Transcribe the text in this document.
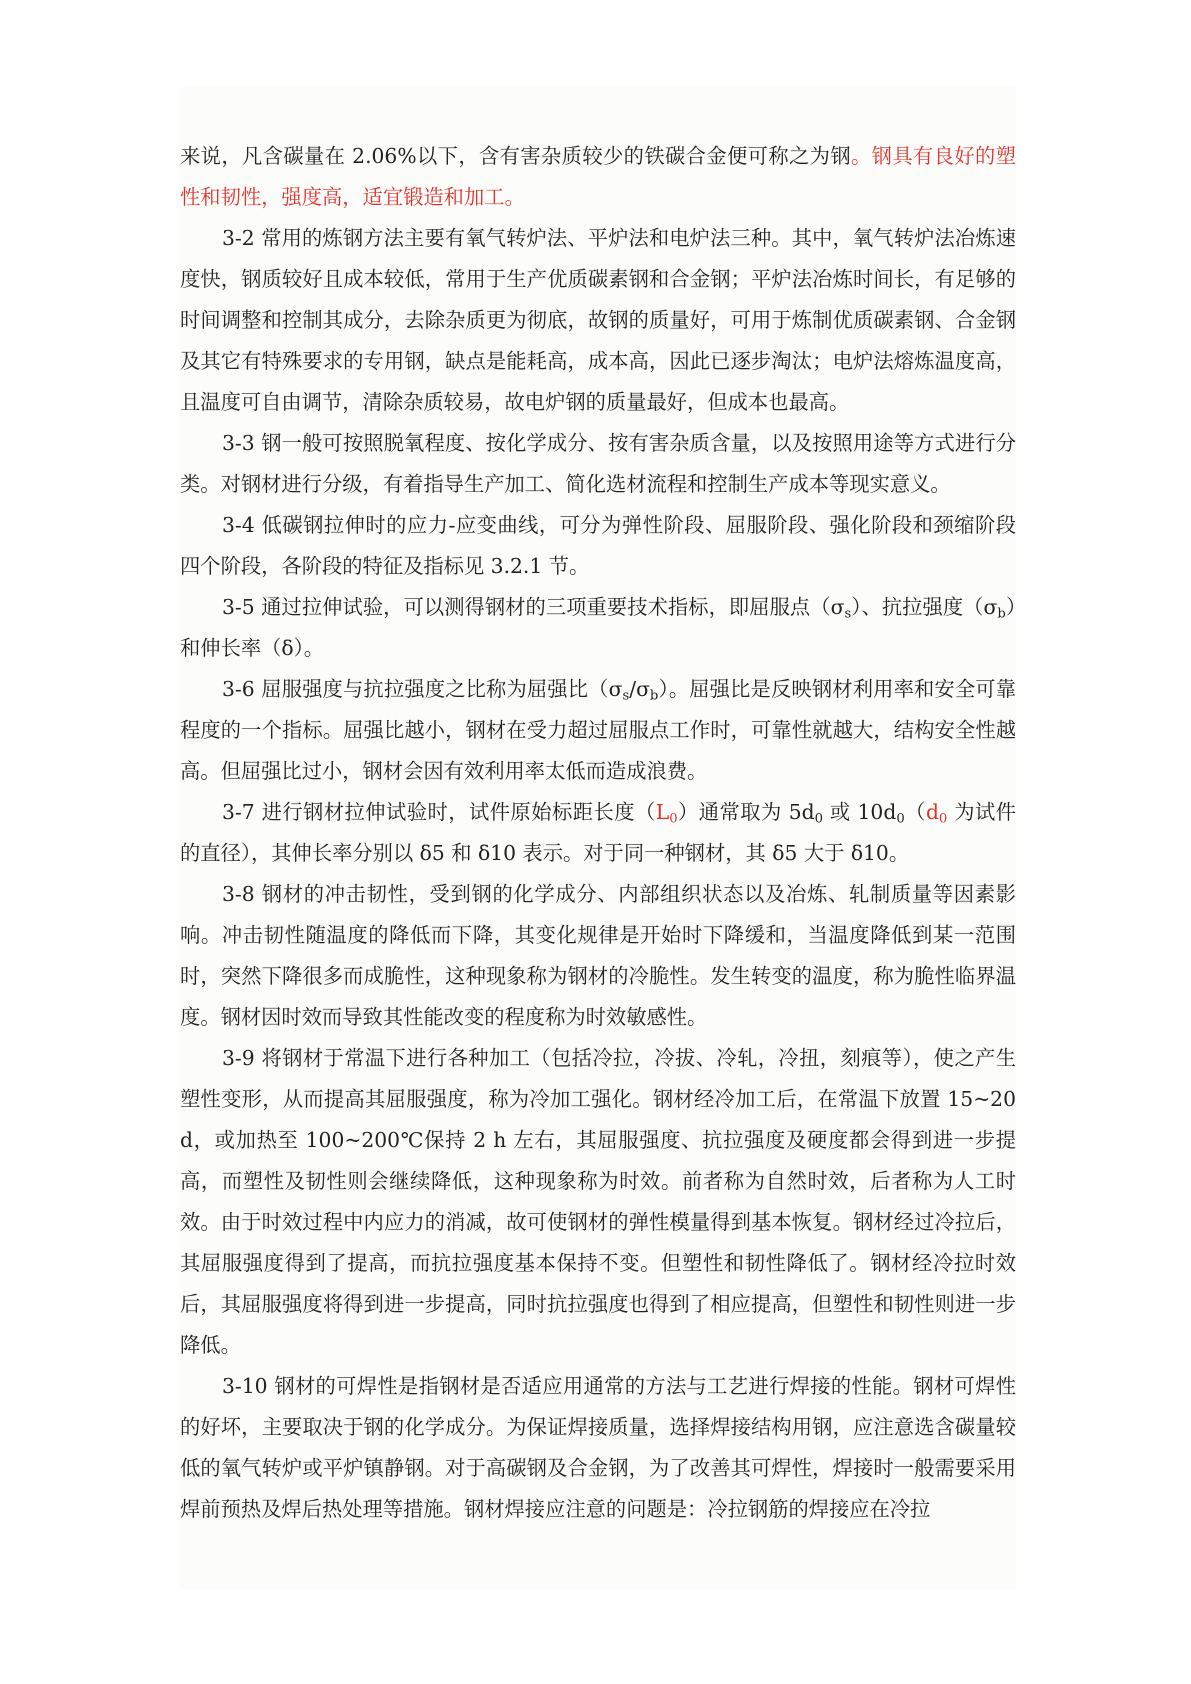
来说，凡含碳量在 2.06%以下，含有害杂质较少的铁碳合金便可称之为钢。钢具有良好的塑性和韧性，强度高，适宜锻造和加工。

3-2 常用的炼钢方法主要有氧气转炉法、平炉法和电炉法三种。其中，氧气转炉法冶炼速度快，钢质较好且成本较低，常用于生产优质碳素钢和合金钢；平炉法冶炼时间长，有足够的时间调整和控制其成分，去除杂质更为彻底，故钢的质量好，可用于炼制优质碳素钢、合金钢及其它有特殊要求的专用钢，缺点是能耗高，成本高，因此已逐步淘汰；电炉法熔炼温度高，且温度可自由调节，清除杂质较易，故电炉钢的质量最好，但成本也最高。

3-3 钢一般可按照脱氧程度、按化学成分、按有害杂质含量，以及按照用途等方式进行分类。对钢材进行分级，有着指导生产加工、简化选材流程和控制生产成本等现实意义。

3-4 低碳钢拉伸时的应力-应变曲线，可分为弹性阶段、屈服阶段、强化阶段和颈缩阶段四个阶段，各阶段的特征及指标见 3.2.1 节。

3-5 通过拉伸试验，可以测得钢材的三项重要技术指标，即屈服点$(\sigma_s)$、抗拉强度$(\sigma_b)$和伸长率（δ）。

3-6 屈服强度与抗拉强度之比称为屈强比$(\sigma_s/\sigma_b)$。屈强比是反映钢材利用率和安全可靠程度的一个指标。屈强比越小，钢材在受力超过屈服点工作时，可靠性就越大，结构安全性越高。但屈强比过小，钢材会因有效利用率太低而造成浪费。

3-7 进行钢材拉伸试验时，试件原始标距长度$(L_0)$通常取为 $5d_0$ 或 $10d_0(d_0$ 为试件的直径），其伸长率分别以 δ5 和 δ10 表示。对于同一种钢材，其 δ5 大于 δ10。

3-8 钢材的冲击韧性，受到钢的化学成分、内部组织状态以及冶炼、轧制质量等因素影响。冲击韧性随温度的降低而下降，其变化规律是开始时下降缓和，当温度降低到某一范围时，突然下降很多而成脆性，这种现象称为钢材的冷脆性。发生转变的温度，称为脆性临界温度。钢材因时效而导致其性能改变的程度称为时效敏感性。

3-9 将钢材于常温下进行各种加工（包括冷拉，冷拔、冷轧，冷扭，刻痕等），使之产生塑性变形，从而提高其屈服强度，称为冷加工强化。钢材经冷加工后，在常温下放置 15~20 d，或加热至 100~200℃保持 2 h 左右，其屈服强度、抗拉强度及硬度都会得到进一步提高，而塑性及韧性则会继续降低，这种现象称为时效。前者称为自然时效，后者称为人工时效。由于时效过程中内应力的消减，故可使钢材的弹性模量得到基本恢复。钢材经过冷拉后，其屈服强度得到了提高，而抗拉强度基本保持不变。但塑性和韧性降低了。钢材经冷拉时效后，其屈服强度将得到进一步提高，同时抗拉强度也得到了相应提高，但塑性和韧性则进一步降低。

3-10 钢材的可焊性是指钢材是否适应用通常的方法与工艺进行焊接的性能。钢材可焊性的好坏，主要取决于钢的化学成分。为保证焊接质量，选择焊接结构用钢，应注意选含碳量较低的氧气转炉或平炉镇静钢。对于高碳钢及合金钢，为了改善其可焊性，焊接时一般需要采用焊前预热及焊后热处理等措施。钢材焊接应注意的问题是：冷拉钢筋的焊接应在冷拉
